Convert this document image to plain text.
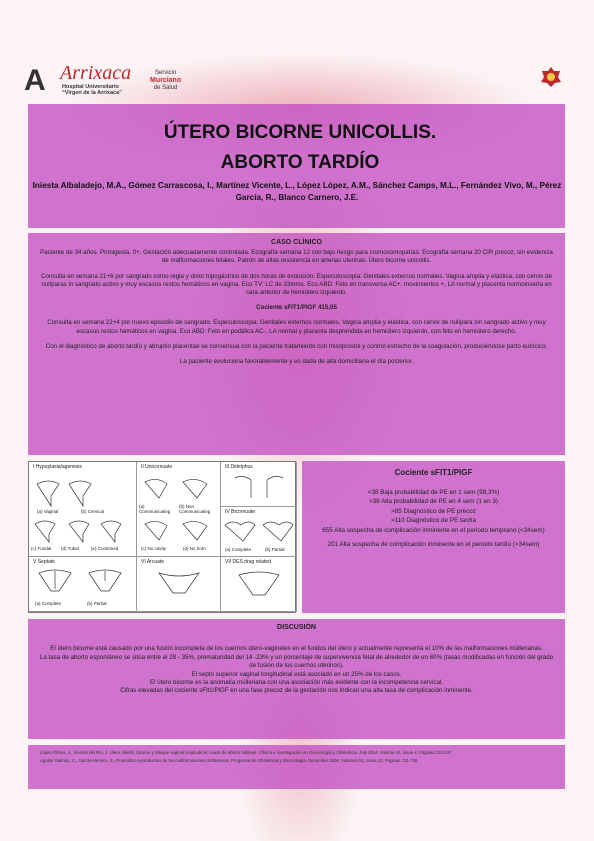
A Arrixaca
Hospital Universitario
“Virgen de la Arrixaca”
Servicio
Murciano
de Salud
ÚTERO BICORNE UNICOLLIS.
ABORTO TARDÍO
Iniesta Albaladejo, M.A., Gómez Carrascosa, I., Martínez Vicente, L., López López, A.M., Sánchez Camps, M.L., Fernández Vivo, M., Pérez García, R., Blanco Carnero, J.E.
CASO CLÍNICO

Paciente de 34 años. Primigesta. 0+. Gestación adecuadamente controlada. Ecografía semana 12 con bajo riesgo para cromosomopatías. Ecografía semana 20 CIR precoz, sin evidencia de malformaciones fetales. Patrón de altas resistencia en arterias uterinas. Útero bicorne unicollis.

Consulta en semana 21+6 por sangrado como regla y dolor hipogástrico de dos horas de evolución. Especuloscopia: Genitales externos normales. Vagina amplia y elástica, con cérvix de nulíparas in sangrado activo y muy escasos restos hemáticos en vagina. Eco TV: LC de 33mms. Eco ABD: Feto en transversa AC+, movimientos +, LA normal y placenta normoinserta en cara anterior de hemiútero izquierdo.

Cociente sFlT1/PlGF 415,05

Consulta en semana 22+4 por nuevo episodio de sangrado. Especuloscopia: Genitales externos normales. Vagina amplia y elástica, con cérvix de nulípara sin sangrado activo y muy escasos restos hemáticos en vagina. Eco ABD: Feto en podálica AC-, LA normal y placenta desprendida en hemiútero izquierdo, con feto en hemiútero derecho.

Con el diagnóstico de aborto tardío y abruptio placentae se consensua con la paciente tratamiento con misoprostol y control estrecho de la coagulación, produciéndose parto eutócico.

La paciente evoluciona favorablemente y es dada de alta domiciliaria el día posterior.

I Hypoplasia/agenesis
(a) Vaginal	(b) Cervical
(c) Fundal (d) Tubal	(e) Combined
II Unicornuate
(a) Communicating
(b) Non Communicating
(c) No cavity	(d) No horn
III Didelphus
IV Bicornuate
(a) Complete	(b) Partial
V Septate
(a) Complete	(b) Partial
VI Arcuate	VII DES drug related
Cociente sFlT1/PlGF
<38 Baja probabilidad de PE en 1 sem (99,3%)
>38 Alta probabilidad de PE en 4 sem (1 en 3)
>85 Diagnóstico de PE precoz
>110 Diagnóstico de PE tardía
655 Alta sospecha de complicación inminente en el periodo temprano (<34sem)
201 Alta sospecha de complicación inminente en el periodo tardío (>34sem)
DISCUSIÓN

El útero bicorne está causado por una fusión incompleta de los cuernos útero-vaginales en el fundus del útero y actualmente representa el 10% de las malformaciones müllerianas.

La tasa de aborto espontáneo se sitúa entre el 28 - 35%, prematuridad del 14 -23% y un porcentaje de supervivencia fetal de alrededor de un 60% (tasas modificadas en función del grado de fusión de los cuernos uterinos).

El septo superior vaginal longitudinal está asociado en un 25% de los casos.

El útero bicorne es la anomalía mülleriana con una asociación más evidente con la incompetencia cervical.

Cifras elevadas del cociente sFlt1/PlGF en una fase precoz de la gestación nos indican una alta tasa de complicación inminente.

López-Olmos, J., Vicente del Río, J. Útero didelfo, bicorne y tabique vaginal longitudinal, causa de aborto habitual. Clínica e Investigación en Ginecología y Obstetricia. July 2014. Volume 41, Issue 4, Páginas 134-137

Aguilar Galindo, C., García-Herrero, S., Pronóstico reproductivo de las malformaciones müllerianas. Progresos de Obstetricia y Ginecología. December 2008. Volumen 51, Issue 12, Páginas 721-736.
